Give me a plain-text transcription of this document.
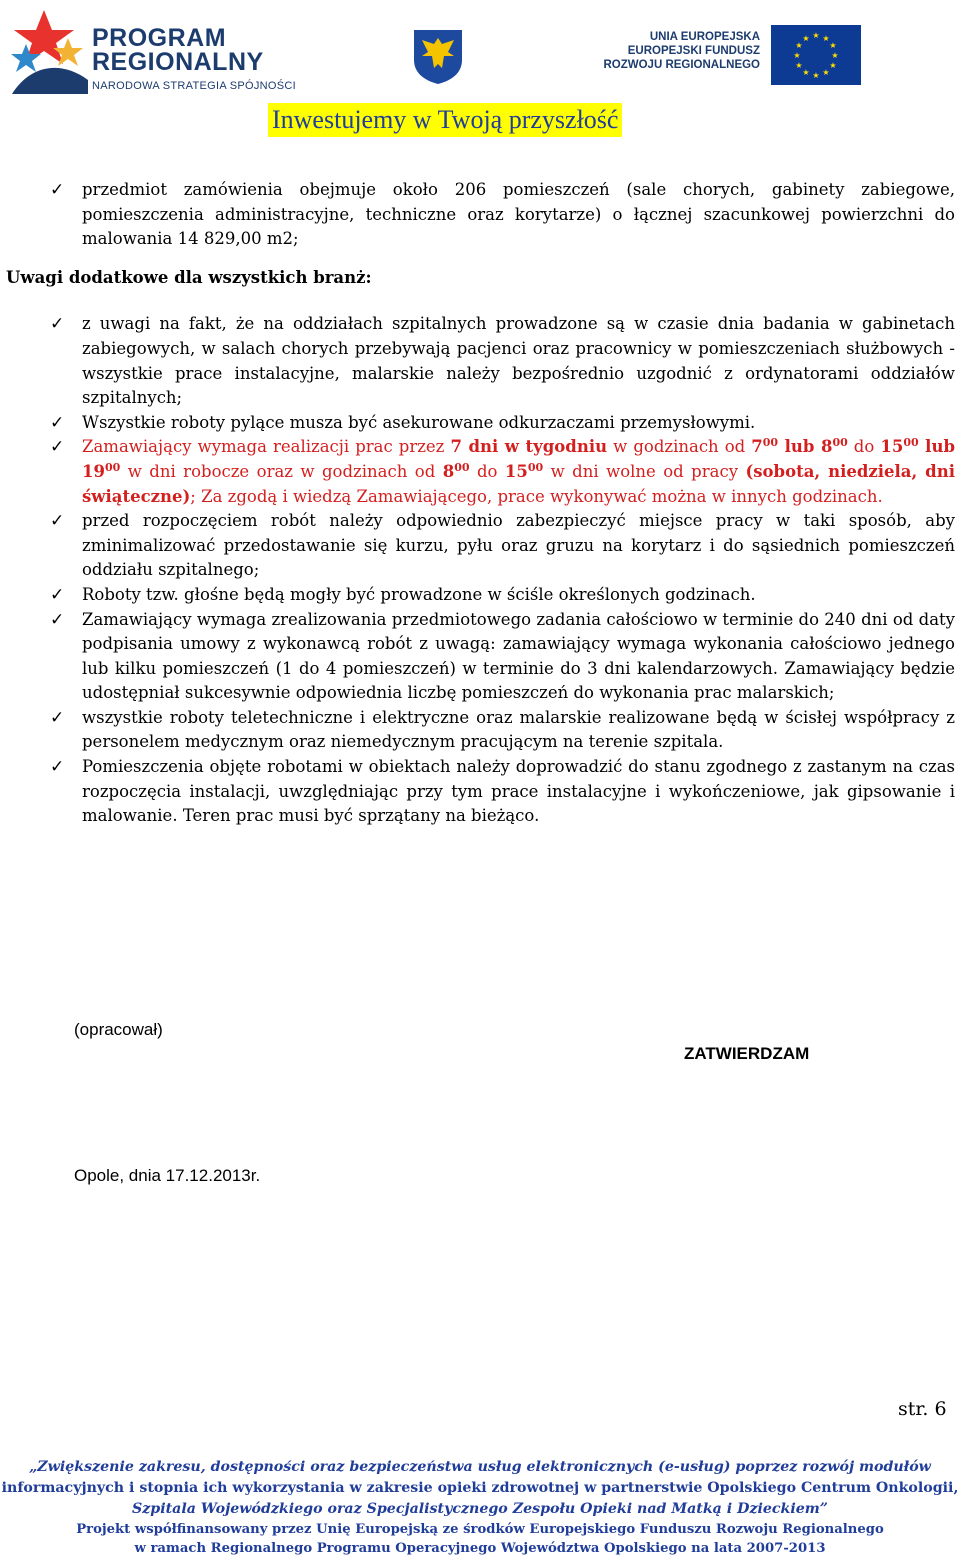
PROGRAM
REGIONALNY
NARODOWA STRATEGIA SPÓJNOŚCI
UNIA EUROPEJSKA
EUROPEJSKI FUNDUSZ
ROZWOJU REGIONALNEGO
★ ★
★
★
★
★
★
★
★
★
★
★
Inwestujemy w Twoją przyszłość
✓ przedmiot zamówienia obejmuje około 206 pomieszczeń (sale chorych, gabinety zabiegowe, pomieszczenia administracyjne, techniczne oraz korytarze) o łącznej szacunkowej powierzchni do malowania 14 829,00 m2;
Uwagi dodatkowe dla wszystkich branż:
✓ z uwagi na fakt, że na oddziałach szpitalnych prowadzone są w czasie dnia badania w gabinetach zabiegowych, w salach chorych przebywają pacjenci oraz pracownicy w pomieszczeniach służbowych - wszystkie prace instalacyjne, malarskie należy bezpośrednio uzgodnić z ordynatorami oddziałów szpitalnych;
✓ Wszystkie roboty pylące musza być asekurowane odkurzaczami przemysłowymi.
✓ Zamawiający wymaga realizacji prac przez 7 dni w tygodniu w godzinach od $7^{00}$ lub $8^{00}$ do $15^{00}$ lub $19^{00}$ w dni robocze oraz w godzinach od $8^{00}$ do $15^{00}$ w dni wolne od pracy (sobota, niedziela, dni świąteczne); Za zgodą i wiedzą Zamawiającego, prace wykonywać można w innych godzinach.
✓ przed rozpoczęciem robót należy odpowiednio zabezpieczyć miejsce pracy w taki sposób, aby zminimalizować przedostawanie się kurzu, pyłu oraz gruzu na korytarz i do sąsiednich pomieszczeń oddziału szpitalnego;
✓ Roboty tzw. głośne będą mogły być prowadzone w ściśle określonych godzinach.
✓ Zamawiający wymaga zrealizowania przedmiotowego zadania całościowo w terminie do 240 dni od daty podpisania umowy z wykonawcą robót z uwagą: zamawiający wymaga wykonania całościowo jednego lub kilku pomieszczeń (1 do 4 pomieszczeń) w terminie do 3 dni kalendarzowych. Zamawiający będzie udostępniał sukcesywnie odpowiednia liczbę pomieszczeń do wykonania prac malarskich;
✓ wszystkie roboty teletechniczne i elektryczne oraz malarskie realizowane będą w ścisłej współpracy z personelem medycznym oraz niemedycznym pracującym na terenie szpitala.
✓ Pomieszczenia objęte robotami w obiektach należy doprowadzić do stanu zgodnego z zastanym na czas rozpoczęcia instalacji, uwzględniając przy tym prace instalacyjne i wykończeniowe, jak gipsowanie i malowanie. Teren prac musi być sprzątany na bieżąco.
(opracował)
ZATWIERDZAM
Opole, dnia 17.12.2013r.
str. 6
„Zwiększenie zakresu, dostępności oraz bezpieczeństwa usług elektronicznych (e-usług) poprzez rozwój modułów
informacyjnych i stopnia ich wykorzystania w zakresie opieki zdrowotnej w partnerstwie Opolskiego Centrum Onkologii,
Szpitala Wojewódzkiego oraz Specjalistycznego Zespołu Opieki nad Matką i Dzieckiem”
Projekt współfinansowany przez Unię Europejską ze środków Europejskiego Funduszu Rozwoju Regionalnego
w ramach Regionalnego Programu Operacyjnego Województwa Opolskiego na lata 2007-2013
